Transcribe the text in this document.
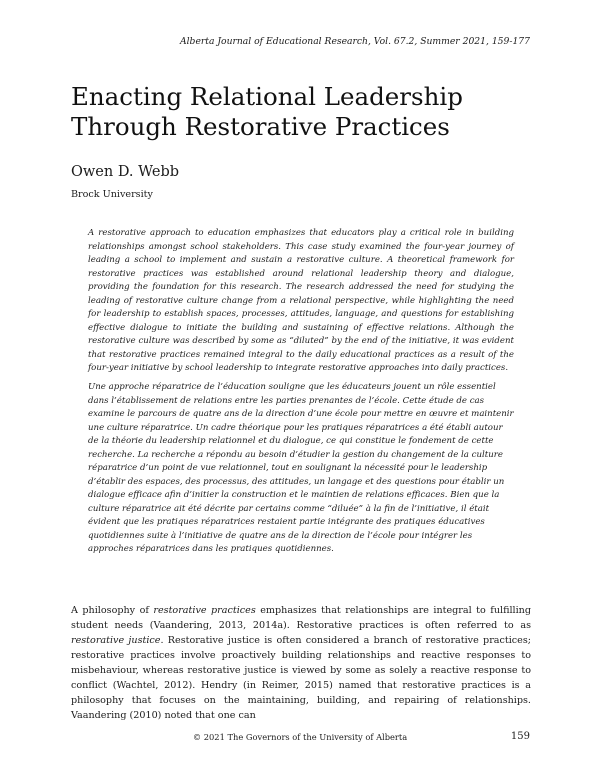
Alberta Journal of Educational Research, Vol. 67.2, Summer 2021, 159-177
Enacting Relational Leadership Through Restorative Practices
Owen D. Webb
Brock University

A restorative approach to education emphasizes that educators play a critical role in building relationships amongst school stakeholders. This case study examined the four-year journey of leading a school to implement and sustain a restorative culture. A theoretical framework for restorative practices was established around relational leadership theory and dialogue, providing the foundation for this research. The research addressed the need for studying the leading of restorative culture change from a relational perspective, while highlighting the need for leadership to establish spaces, processes, attitudes, language, and questions for establishing effective dialogue to initiate the building and sustaining of effective relations. Although the restorative culture was described by some as “diluted” by the end of the initiative, it was evident that restorative practices remained integral to the daily educational practices as a result of the four-year initiative by school leadership to integrate restorative approaches into daily practices.

Une approche réparatrice de l’éducation souligne que les éducateurs jouent un rôle essentiel dans l’établissement de relations entre les parties prenantes de l’école. Cette étude de cas examine le parcours de quatre ans de la direction d’une école pour mettre en œuvre et maintenir une culture réparatrice. Un cadre théorique pour les pratiques réparatrices a été établi autour de la théorie du leadership relationnel et du dialogue, ce qui constitue le fondement de cette recherche. La recherche a répondu au besoin d’étudier la gestion du changement de la culture réparatrice d’un point de vue relationnel, tout en soulignant la nécessité pour le leadership d’établir des espaces, des processus, des attitudes, un langage et des questions pour établir un dialogue efficace afin d’initier la construction et le maintien de relations efficaces. Bien que la culture réparatrice ait été décrite par certains comme “diluée” à la fin de l’initiative, il était évident que les pratiques réparatrices restaient partie intégrante des pratiques éducatives quotidiennes suite à l’initiative de quatre ans de la direction de l’école pour intégrer les approches réparatrices dans les pratiques quotidiennes.

A philosophy of restorative practices emphasizes that relationships are integral to fulfilling student needs (Vaandering, 2013, 2014a). Restorative practices is often referred to as restorative justice. Restorative justice is often considered a branch of restorative practices; restorative practices involve proactively building relationships and reactive responses to misbehaviour, whereas restorative justice is viewed by some as solely a reactive response to conflict (Wachtel, 2012). Hendry (in Reimer, 2015) named that restorative practices is a philosophy that focuses on the maintaining, building, and repairing of relationships. Vaandering (2010) noted that one can

© 2021 The Governors of the University of Alberta	159
